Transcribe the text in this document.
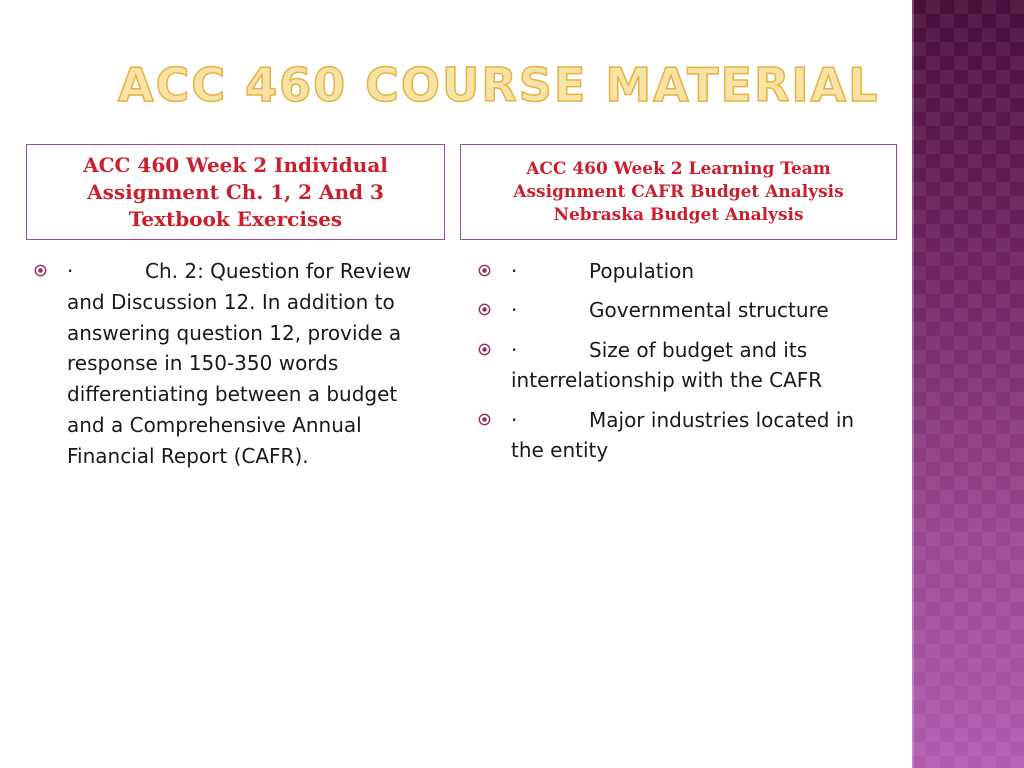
ACC 460 COURSE MATERIAL
ACC 460 Week 2 Individual Assignment Ch. 1, 2 And 3 Textbook Exercises
ACC 460 Week 2 Learning Team Assignment CAFR Budget Analysis Nebraska Budget Analysis
·	Ch. 2: Question for Review and Discussion 12. In addition to answering question 12, provide a response in 150-350 words differentiating between a budget and a Comprehensive Annual Financial Report (CAFR).
·	Population
·	Governmental structure
·	Size of budget and its interrelationship with the CAFR
·	Major industries located in the entity
